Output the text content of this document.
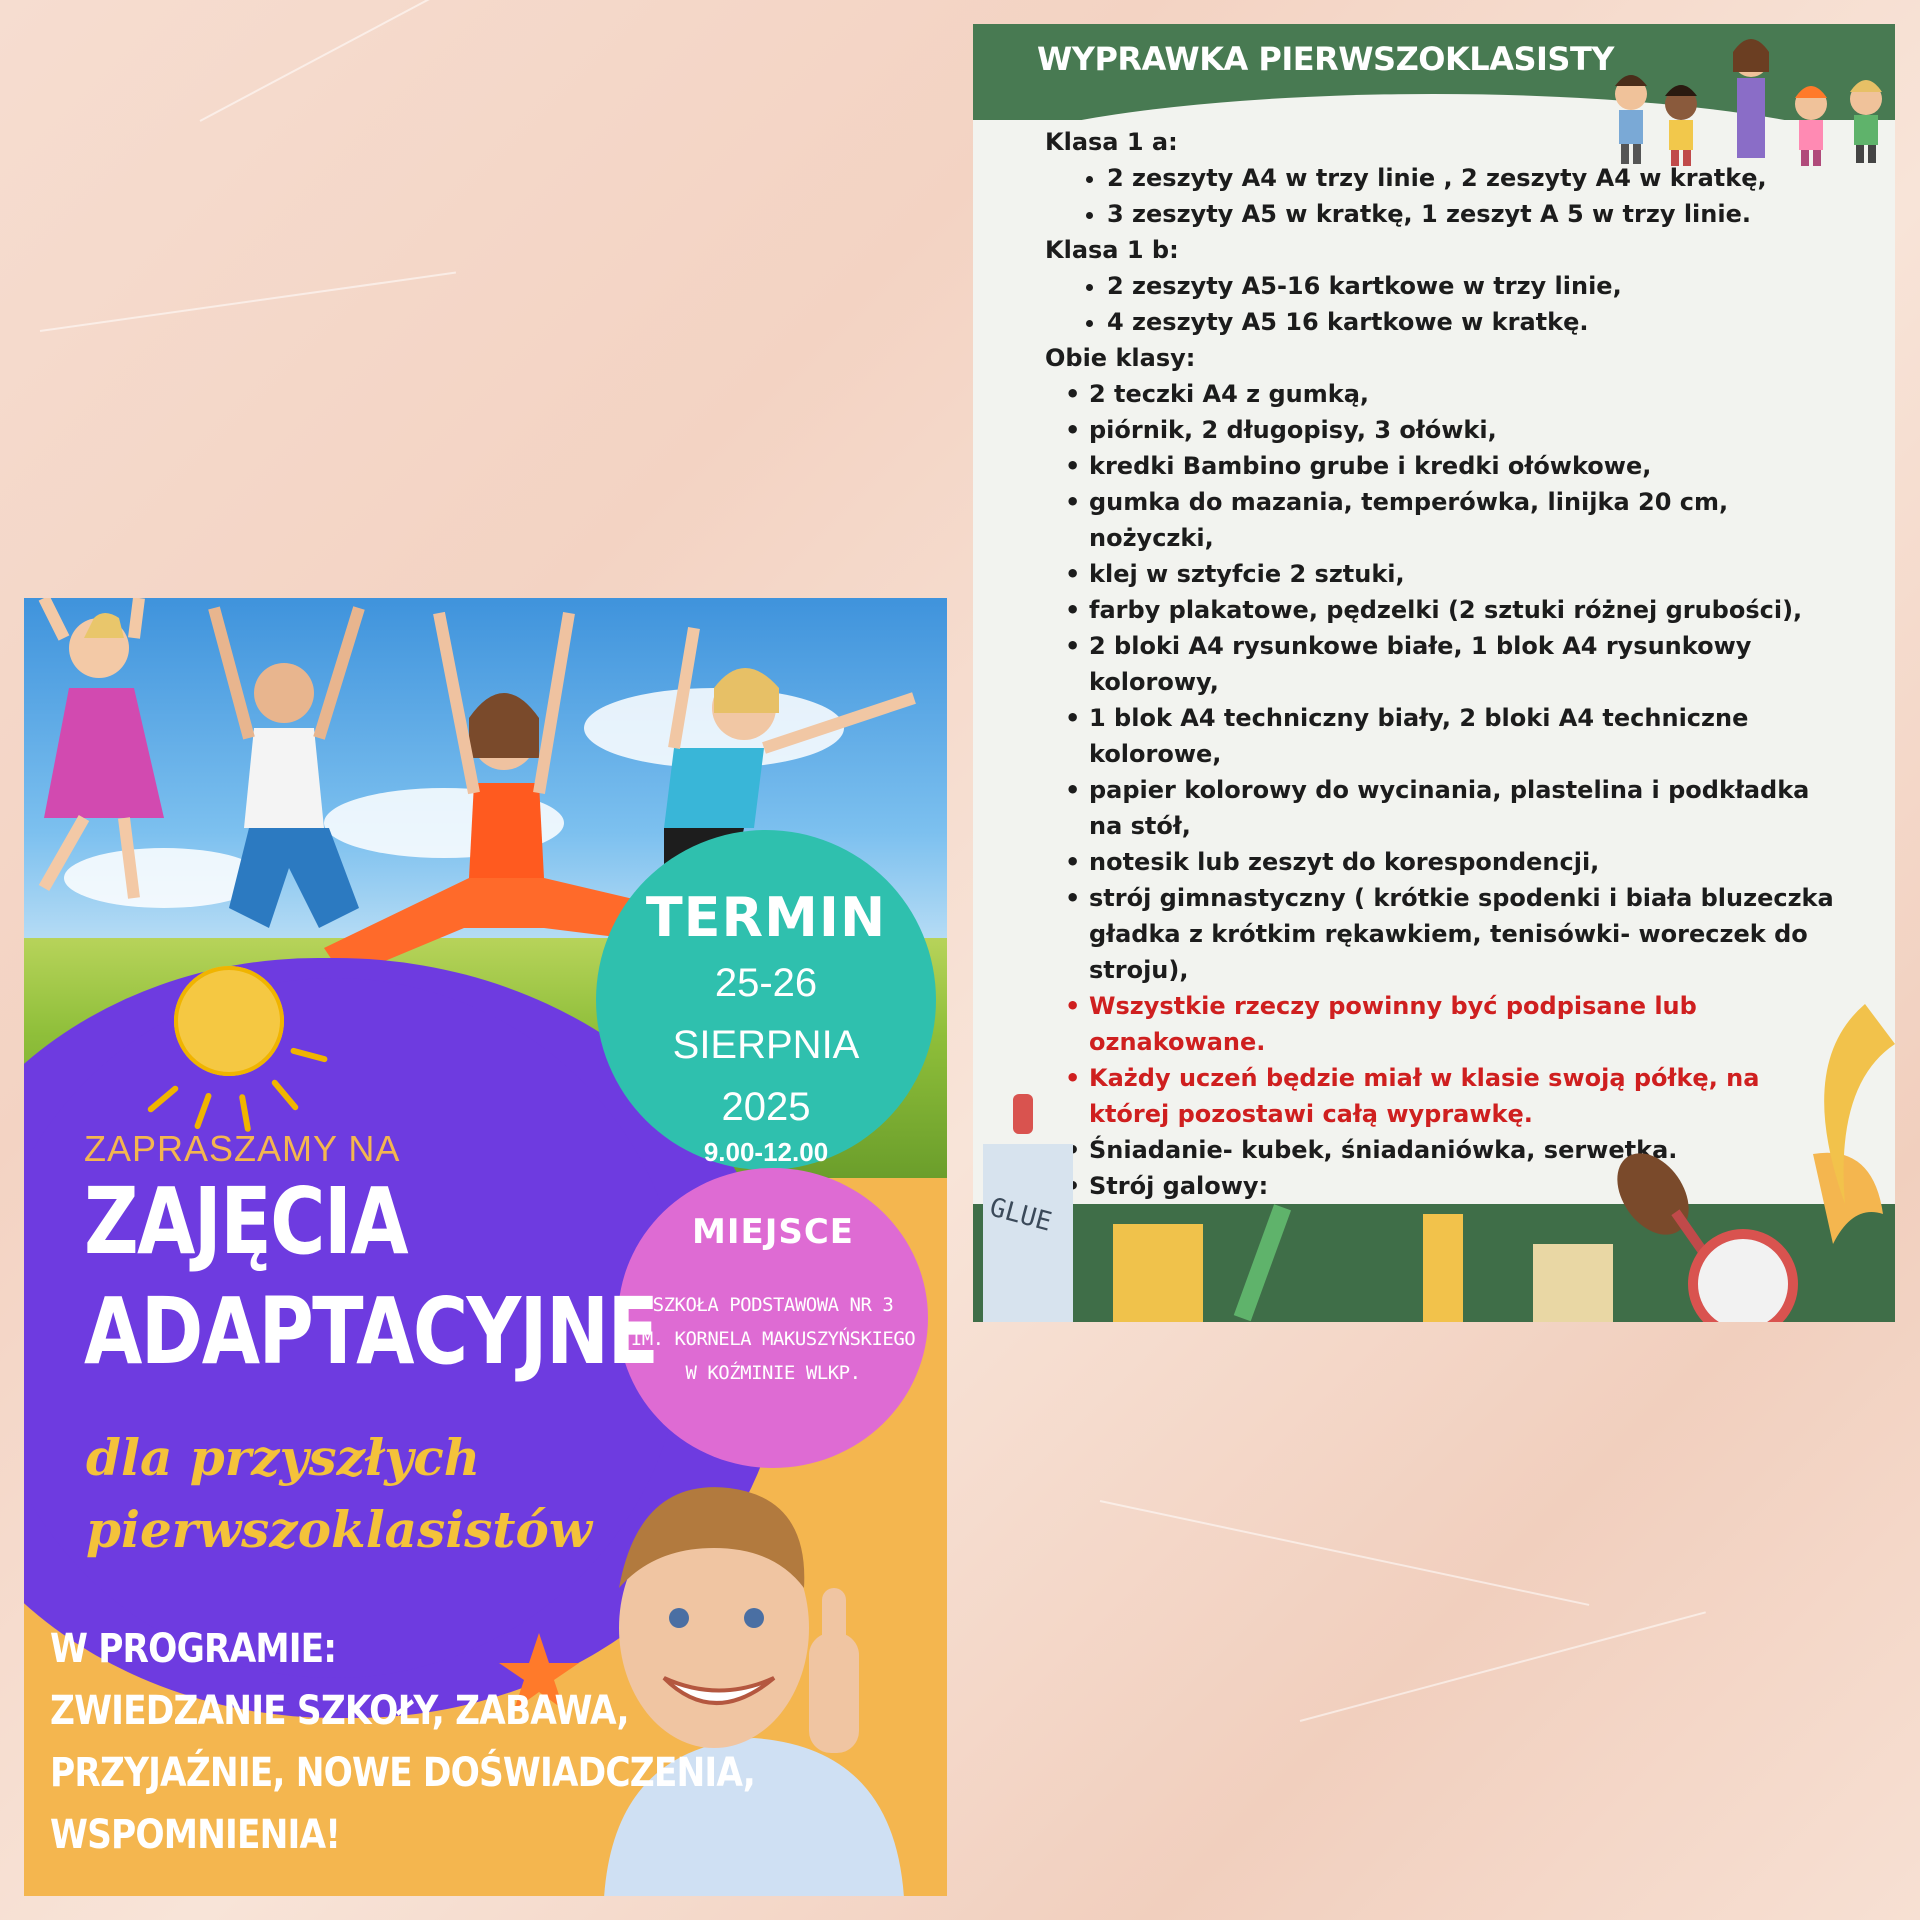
TERMIN
25-26
SIERPNIA
2025
9.00-12.00
MIEJSCE
SZKOŁA PODSTAWOWA NR 3
IM. KORNELA MAKUSZYŃSKIEGO
W KOŹMINIE WLKP.
ZAPRASZAMY NA
ZAJĘCIA
ADAPTACYJNE
dla przyszłych
pierwszoklasistów
W PROGRAMIE:
ZWIEDZANIE SZKOŁY, ZABAWA,
PRZYJAŹNIE, NOWE DOŚWIADCZENIA,
WSPOMNIENIA!
WYPRAWKA PIERWSZOKLASISTY
Klasa 1 a:
• 2 zeszyty A4 w trzy linie , 2 zeszyty A4 w kratkę,
• 3 zeszyty A5 w kratkę, 1 zeszyt A 5 w trzy linie.
Klasa 1 b:
• 2 zeszyty A5-16 kartkowe w trzy linie,
• 4 zeszyty A5 16 kartkowe w kratkę.
Obie klasy:
• 2 teczki A4 z gumką,
• piórnik, 2 długopisy, 3 ołówki,
• kredki Bambino grube i kredki ołówkowe,
• gumka do mazania, temperówka, linijka 20 cm, nożyczki,
• klej w sztyfcie 2 sztuki,
• farby plakatowe, pędzelki (2 sztuki różnej grubości),
• 2 bloki A4 rysunkowe białe, 1 blok A4 rysunkowy kolorowy,
• 1 blok A4 techniczny biały, 2 bloki A4 techniczne kolorowe,
• papier kolorowy do wycinania, plastelina i podkładka na stół,
• notesik lub zeszyt do korespondencji,
• strój gimnastyczny ( krótkie spodenki i biała bluzeczka gładka z krótkim rękawkiem, tenisówki- woreczek do stroju),
• Wszystkie rzeczy powinny być podpisane lub oznakowane.
• Każdy uczeń będzie miał w klasie swoją półkę, na której pozostawi całą wyprawkę.
• Śniadanie- kubek, śniadaniówka, serwetka.
• Strój galowy:
GLUE
